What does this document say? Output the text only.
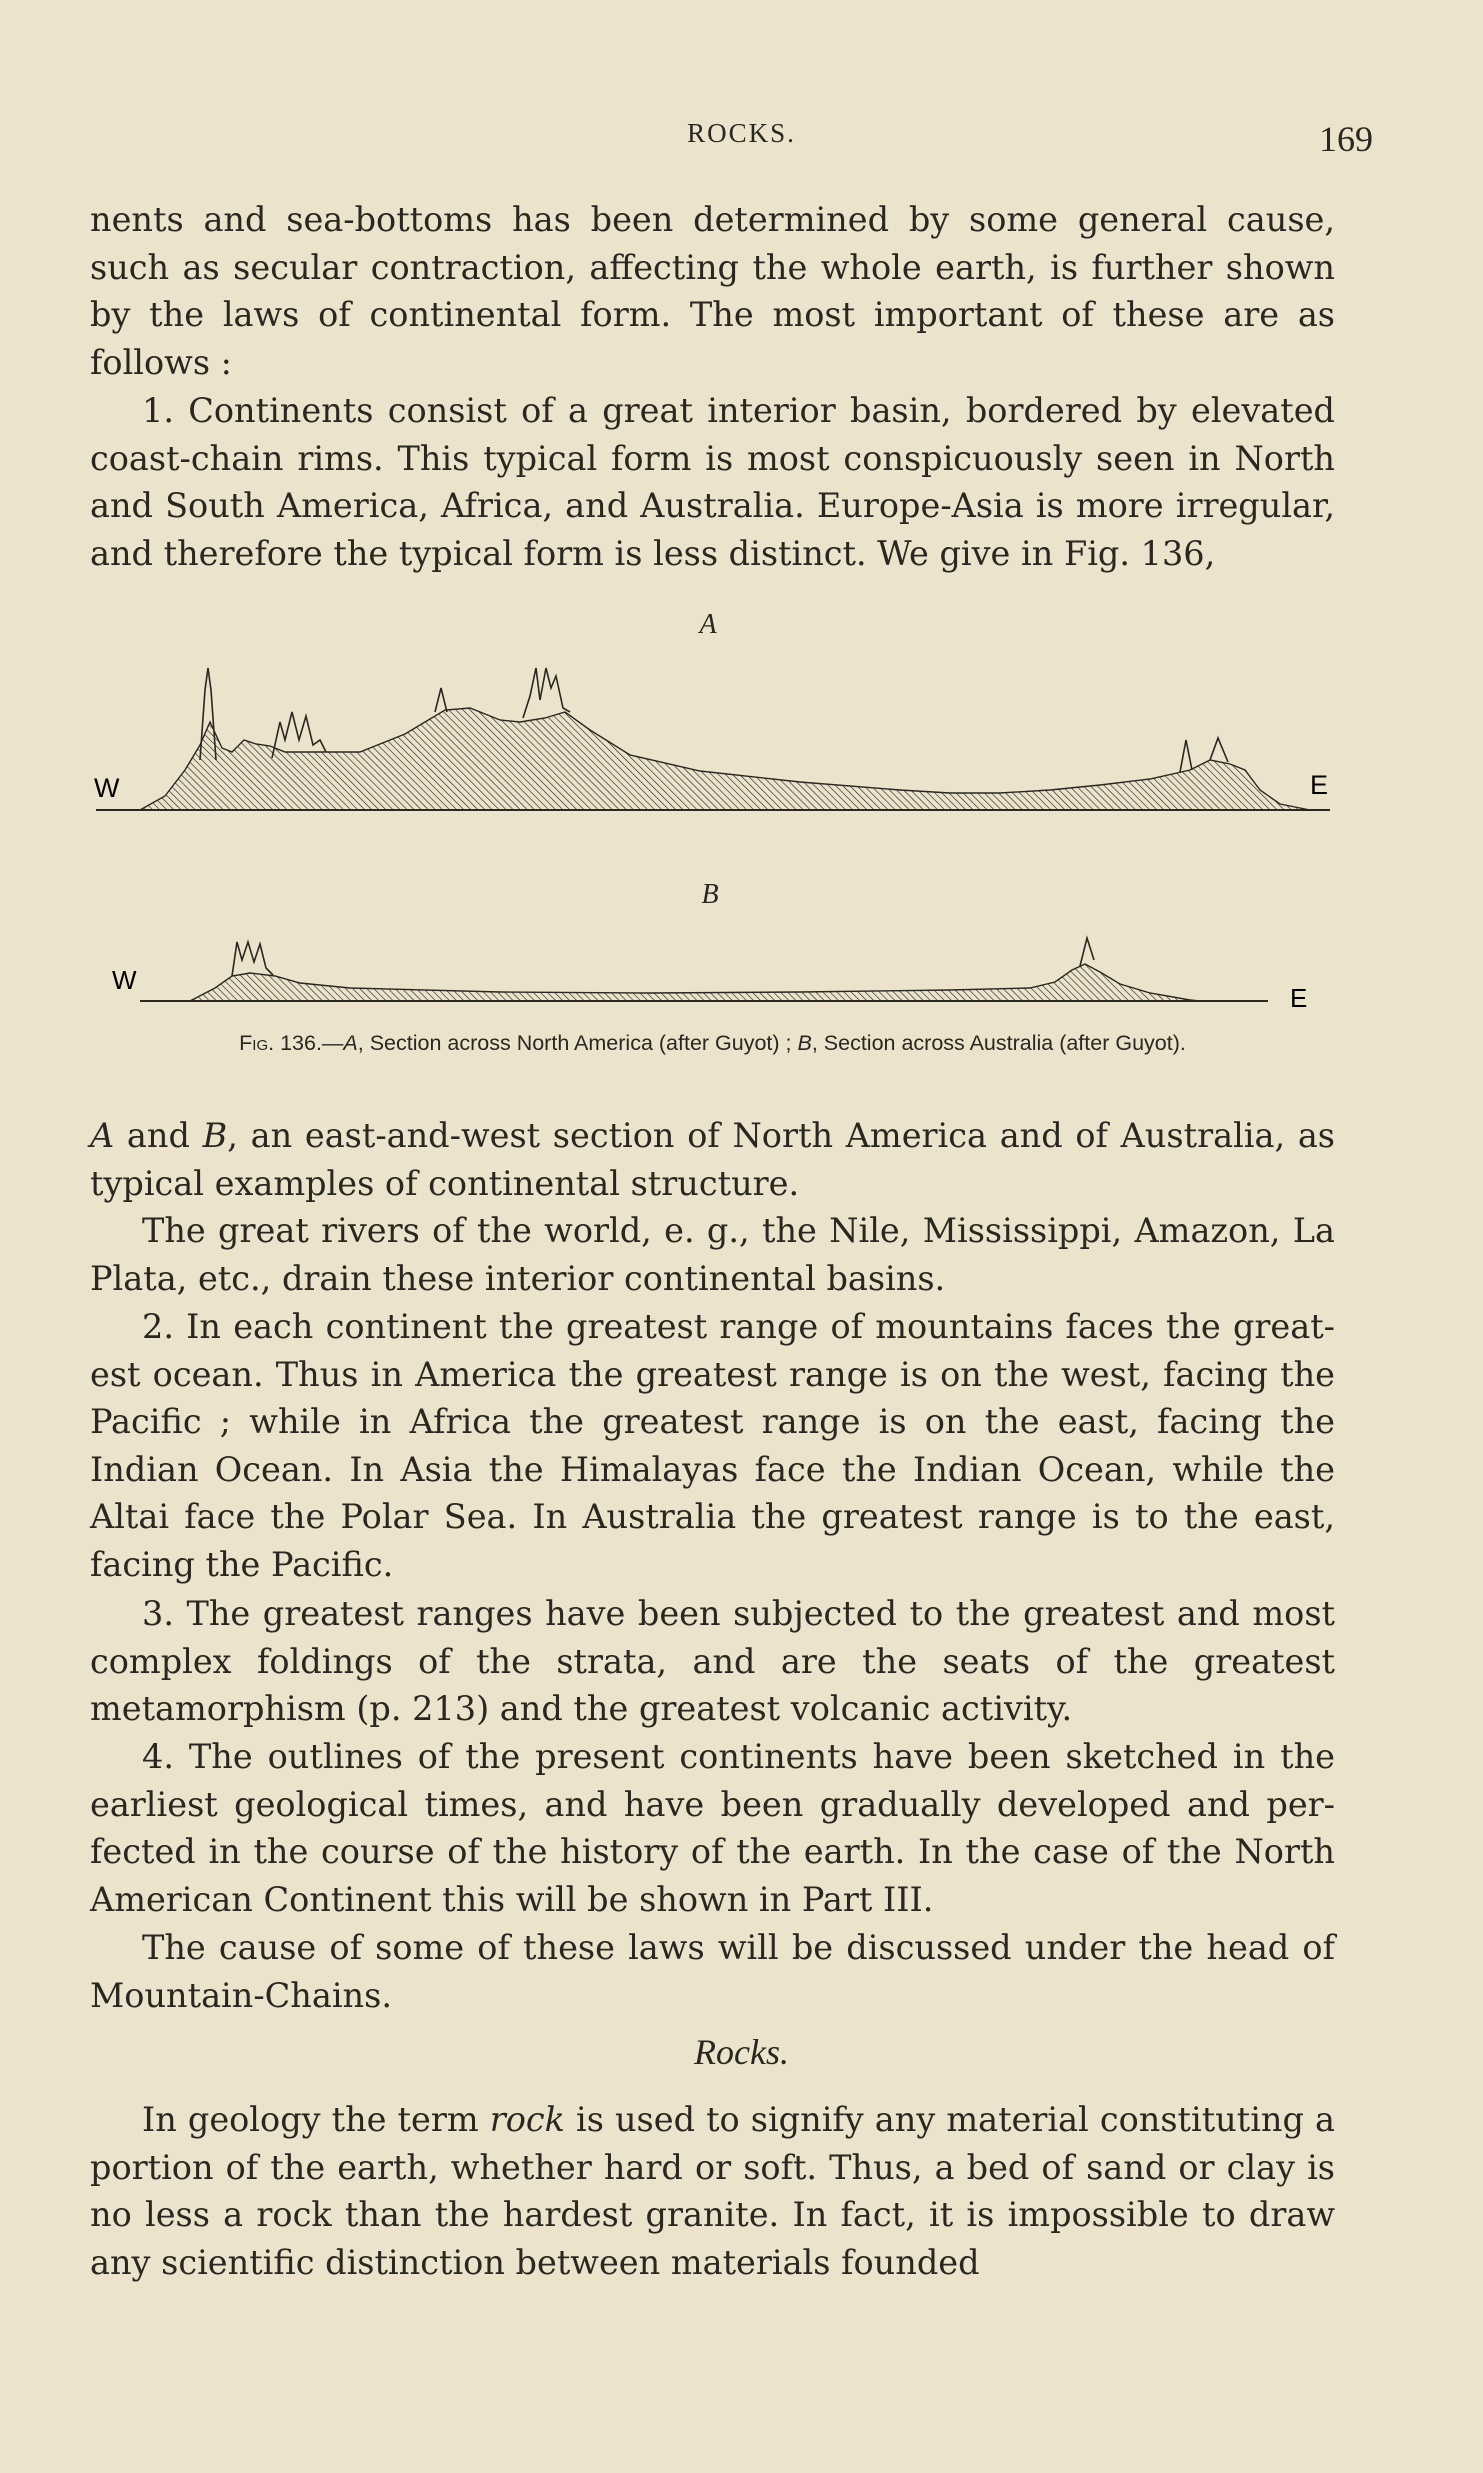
ROCKS.	169

nents and sea-bottoms has been determined by some general cause, such as secular contraction, affecting the whole earth, is further shown by the laws of continental form. The most important of these are as follows :

1. Continents consist of a great interior basin, bordered by elevated coast-chain rims. This typical form is most conspicuously seen in North and South America, Africa, and Australia. Europe-Asia is more irregular, and therefore the typical form is less distinct. We give in Fig. 136,

A
W	E
W
E
B
Fig. 136.—A, Section across North America (after Guyot) ; B, Section across Australia (after Guyot).

A and B, an east-and-west section of North America and of Australia, as typical examples of continental structure.

The great rivers of the world, e. g., the Nile, Mississippi, Amazon, La Plata, etc., drain these interior continental basins.

2. In each continent the greatest range of mountains faces the greatest ocean. Thus in America the greatest range is on the west, facing the Pacific ; while in Africa the greatest range is on the east, facing the Indian Ocean. In Asia the Himalayas face the Indian Ocean, while the Altai face the Polar Sea. In Australia the greatest range is to the east, facing the Pacific.

3. The greatest ranges have been subjected to the greatest and most complex foldings of the strata, and are the seats of the greatest metamorphism (p. 213) and the greatest volcanic activity.

4. The outlines of the present continents have been sketched in the earliest geological times, and have been gradually developed and perfected in the course of the history of the earth. In the case of the North American Continent this will be shown in Part III.

The cause of some of these laws will be discussed under the head of Mountain-Chains.

Rocks.

In geology the term rock is used to signify any material constituting a portion of the earth, whether hard or soft. Thus, a bed of sand or clay is no less a rock than the hardest granite. In fact, it is impossible to draw any scientific distinction between materials founded
